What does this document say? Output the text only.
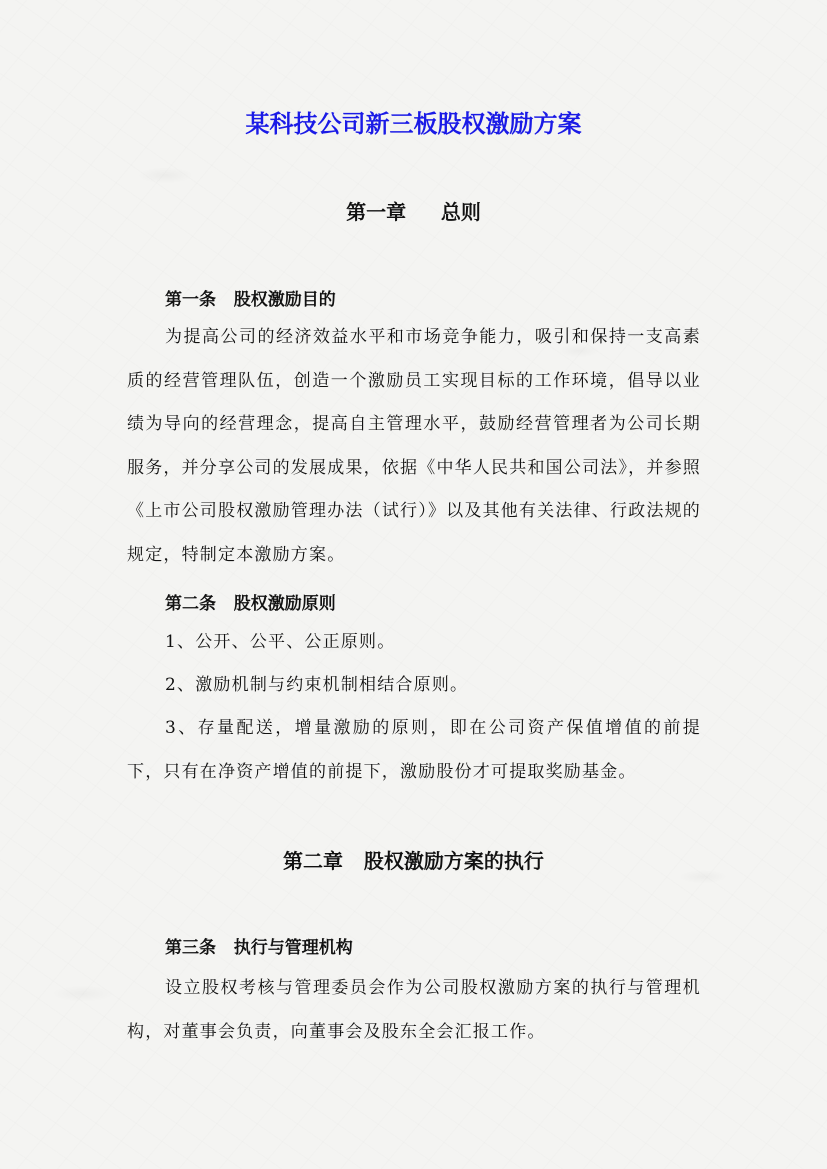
某科技公司新三板股权激励方案
第一章     总则
第一条   股权激励目的

为提高公司的经济效益水平和市场竞争能力，吸引和保持一支高素质的经营管理队伍，创造一个激励员工实现目标的工作环境，倡导以业绩为导向的经营理念，提高自主管理水平，鼓励经营管理者为公司长期服务，并分享公司的发展成果，依据《中华人民共和国公司法》，并参照《上市公司股权激励管理办法（试行）》以及其他有关法律、行政法规的规定，特制定本激励方案。

第二条   股权激励原则

1、公开、公平、公正原则。

2、激励机制与约束机制相结合原则。

3、存量配送，增量激励的原则，即在公司资产保值增值的前提下，只有在净资产增值的前提下，激励股份才可提取奖励基金。

第二章   股权激励方案的执行
第三条   执行与管理机构

设立股权考核与管理委员会作为公司股权激励方案的执行与管理机构，对董事会负责，向董事会及股东全会汇报工作。
